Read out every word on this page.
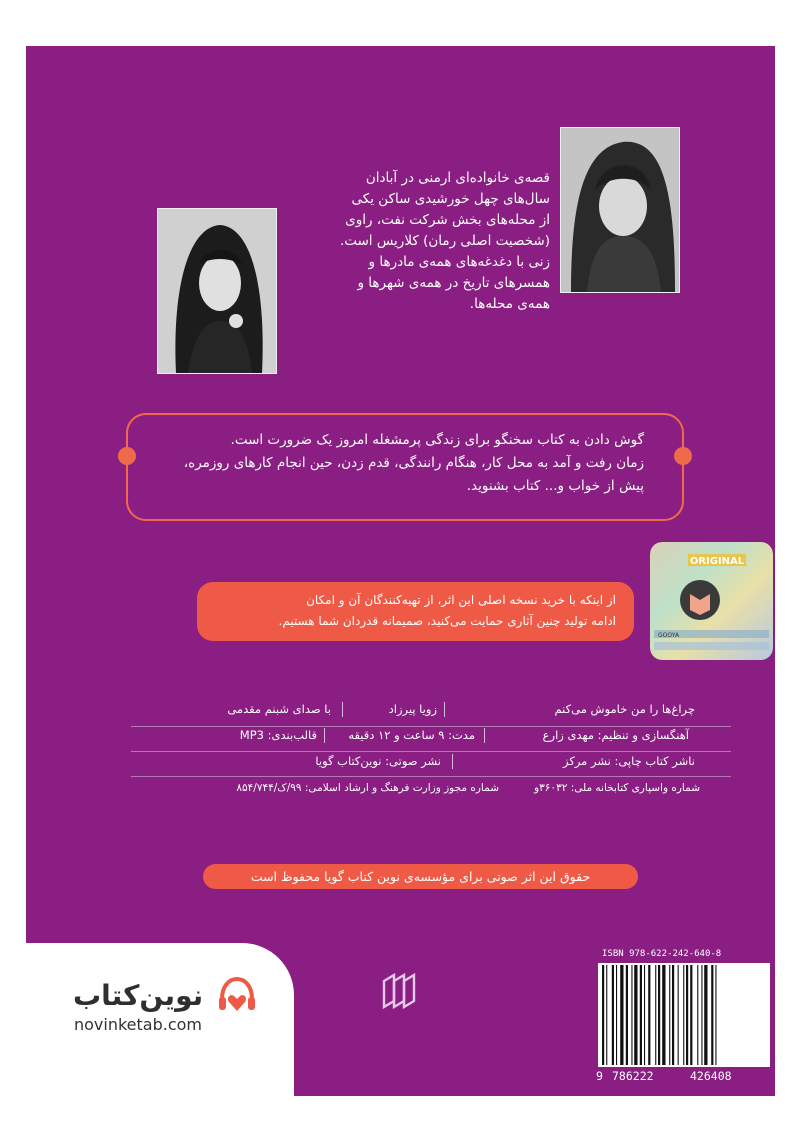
قصه‌ی خانواده‌ای ارمنی در آبادان
سال‌های چهل خورشیدی ساکن یکی
از محله‌های بخش شرکت نفت، راوی
(شخصیت اصلی رمان) کلاریس است.
زنی با دغدغه‌های همه‌ی مادرها و
همسرهای تاریخ در همه‌ی شهرها و
همه‌ی محله‌ها.
گوش دادن به کتاب سخنگو برای زندگی پرمشغله امروز یک ضرورت است.
زمان رفت و آمد به محل کار، هنگام رانندگی، قدم زدن، حین انجام کارهای روزمره،
پیش از خواب و... کتاب بشنوید.
ORIGINAL
GOOYA
از اینکه با خرید نسخه اصلی این اثر، از تهیه‌کنندگان آن و امکان
ادامه تولید چنین آثاری حمایت می‌کنید، صمیمانه قدردان شما هستیم.
چراغ‌ها را من خاموش می‌کنم
زویا پیرزاد
با صدای شبنم مقدمی
آهنگسازی و تنظیم: مهدی زارع
مدت: ۹ ساعت و ۱۲ دقیقه
قالب‌بندی: MP3
ناشر کتاب چاپی: نشر مرکز
نشر صوتی: نوین‌کتاب گویا
شماره واسپاری کتابخانه ملی: ۳۶۰۳۲و
شماره مجوز وزارت فرهنگ و ارشاد اسلامی: ۹۹/ک/۸۵۴/۷۴۴
حقوق این اثر صوتی برای مؤسسه‌ی نوین کتاب گویا محفوظ است
نوین‌کتاب
novinketab.com
ISBN 978-622-242-640-8
9 786222	426408
